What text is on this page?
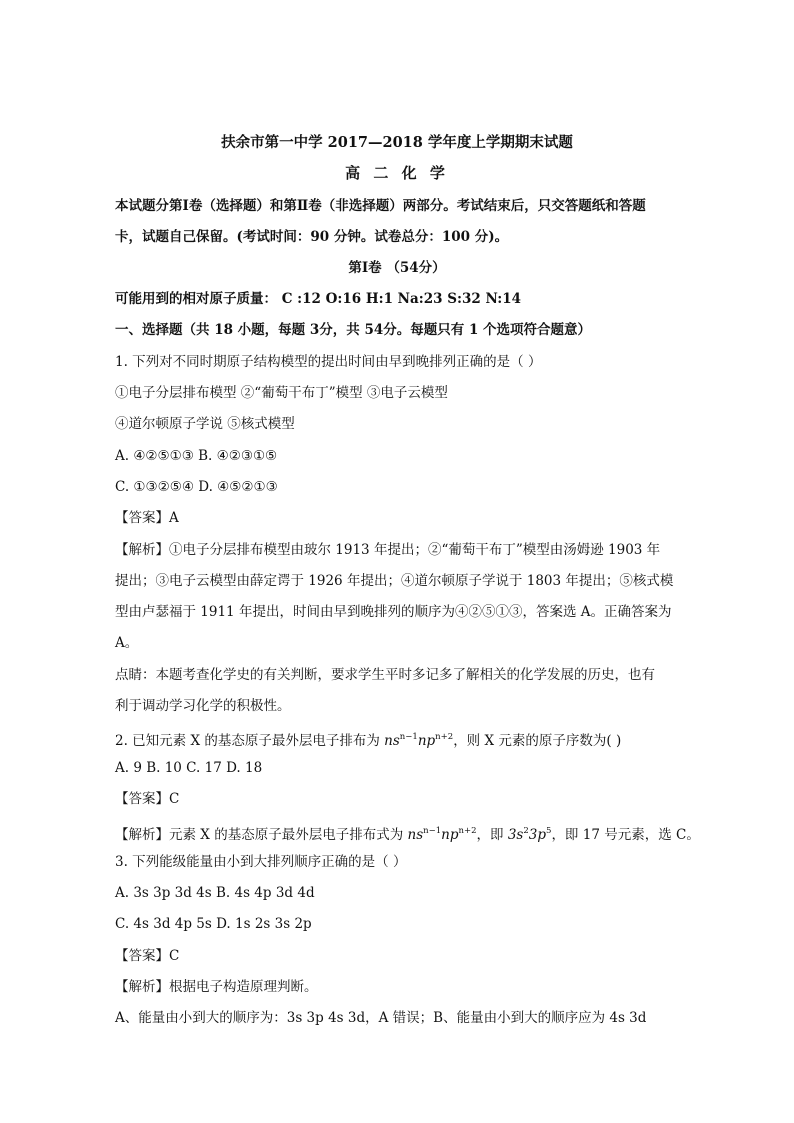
扶余市第一中学 2017—2018 学年度上学期期末试题
高 二 化 学
本试题分第Ⅰ卷（选择题）和第Ⅱ卷（非选择题）两部分。考试结束后，只交答题纸和答题
卡，试题自己保留。(考试时间：90 分钟。试卷总分：100 分)。
第Ⅰ卷 （54分）
可能用到的相对原子质量： C :12 O:16 H:1 Na:23 S:32 N:14
一、选择题（共 18 小题，每题 3分，共 54分。每题只有 1 个选项符合题意）
1. 下列对不同时期原子结构模型的提出时间由早到晚排列正确的是（ ）
①电子分层排布模型 ②“葡萄干布丁”模型 ③电子云模型
④道尔顿原子学说 ⑤核式模型
A. ④②⑤①③ B. ④②③①⑤
C. ①③②⑤④ D. ④⑤②①③
【答案】A
【解析】①电子分层排布模型由玻尔 1913 年提出；②“葡萄干布丁”模型由汤姆逊 1903 年
提出；③电子云模型由薛定谔于 1926 年提出；④道尔顿原子学说于 1803 年提出；⑤核式模
型由卢瑟福于 1911 年提出，时间由早到晚排列的顺序为④②⑤①③，答案选 A。正确答案为
A。
点睛：本题考查化学史的有关判断，要求学生平时多记多了解相关的化学发展的历史，也有
利于调动学习化学的积极性。
2. 已知元素 X 的基态原子最外层电子排布为 $ns^{n-1}np^{n+2}$，则 X 元素的原子序数为( )
A. 9 B. 10 C. 17 D. 18
【答案】C
【解析】元素 X 的基态原子最外层电子排布式为 $ns^{n-1}np^{n+2}$，即 $3s^23p^5$，即 17 号元素，选 C。
3. 下列能级能量由小到大排列顺序正确的是（ ）
A. 3s 3p 3d 4s B. 4s 4p 3d 4d
C. 4s 3d 4p 5s D. 1s 2s 3s 2p
【答案】C
【解析】根据电子构造原理判断。
A、能量由小到大的顺序为：3s 3p 4s 3d，A 错误；B、能量由小到大的顺序应为 4s 3d
